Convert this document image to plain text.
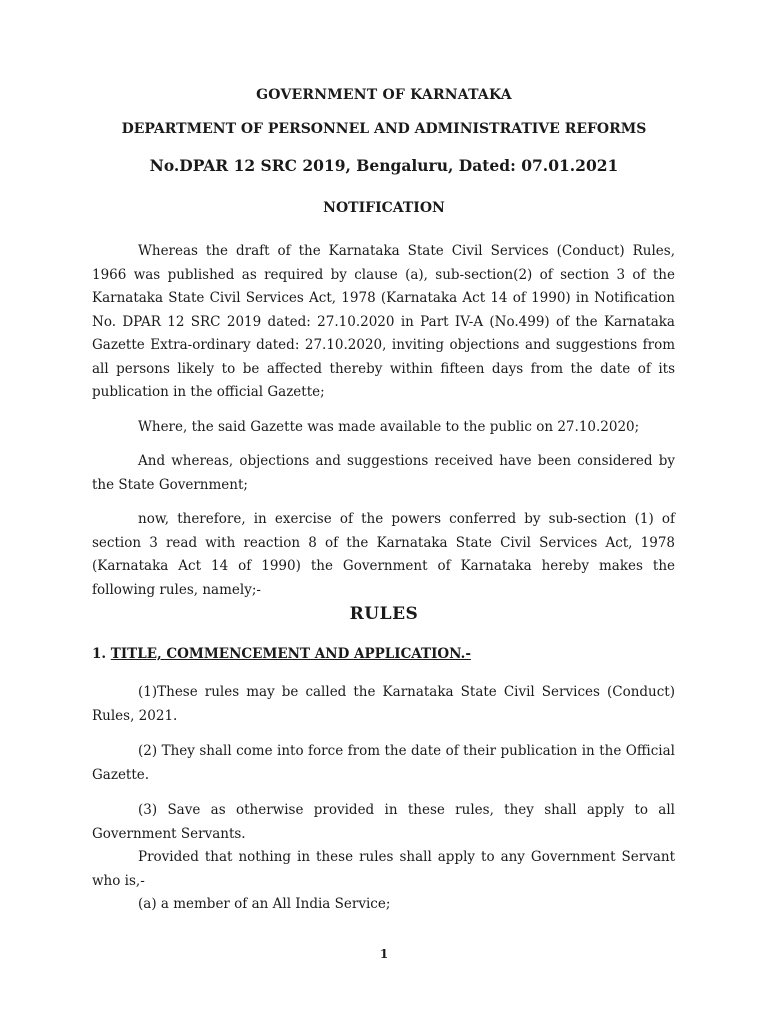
GOVERNMENT OF KARNATAKA
DEPARTMENT OF PERSONNEL AND ADMINISTRATIVE REFORMS
No.DPAR 12 SRC 2019, Bengaluru, Dated: 07.01.2021
NOTIFICATION

Whereas the draft of the Karnataka State Civil Services (Conduct) Rules, 1966 was published as required by clause (a), sub-section(2) of section 3 of the Karnataka State Civil Services Act, 1978 (Karnataka Act 14 of 1990) in Notification No. DPAR 12 SRC 2019 dated: 27.10.2020 in Part IV-A (No.499) of the Karnataka Gazette Extra-ordinary dated: 27.10.2020, inviting objections and suggestions from all persons likely to be affected thereby within fifteen days from the date of its publication in the official Gazette;

Where, the said Gazette was made available to the public on 27.10.2020;

And whereas, objections and suggestions received have been considered by the State Government;

now, therefore, in exercise of the powers conferred by sub-section (1) of section 3 read with reaction 8 of the Karnataka State Civil Services Act, 1978 (Karnataka Act 14 of 1990) the Government of Karnataka hereby makes the following rules, namely;-

RULES
1. TITLE, COMMENCEMENT AND APPLICATION.-

(1)These rules may be called the Karnataka State Civil Services (Conduct) Rules, 2021.

(2) They shall come into force from the date of their publication in the Official Gazette.

(3) Save as otherwise provided in these rules, they shall apply to all Government Servants.

Provided that nothing in these rules shall apply to any Government Servant who is,-

(a) a member of an All India Service;

1
